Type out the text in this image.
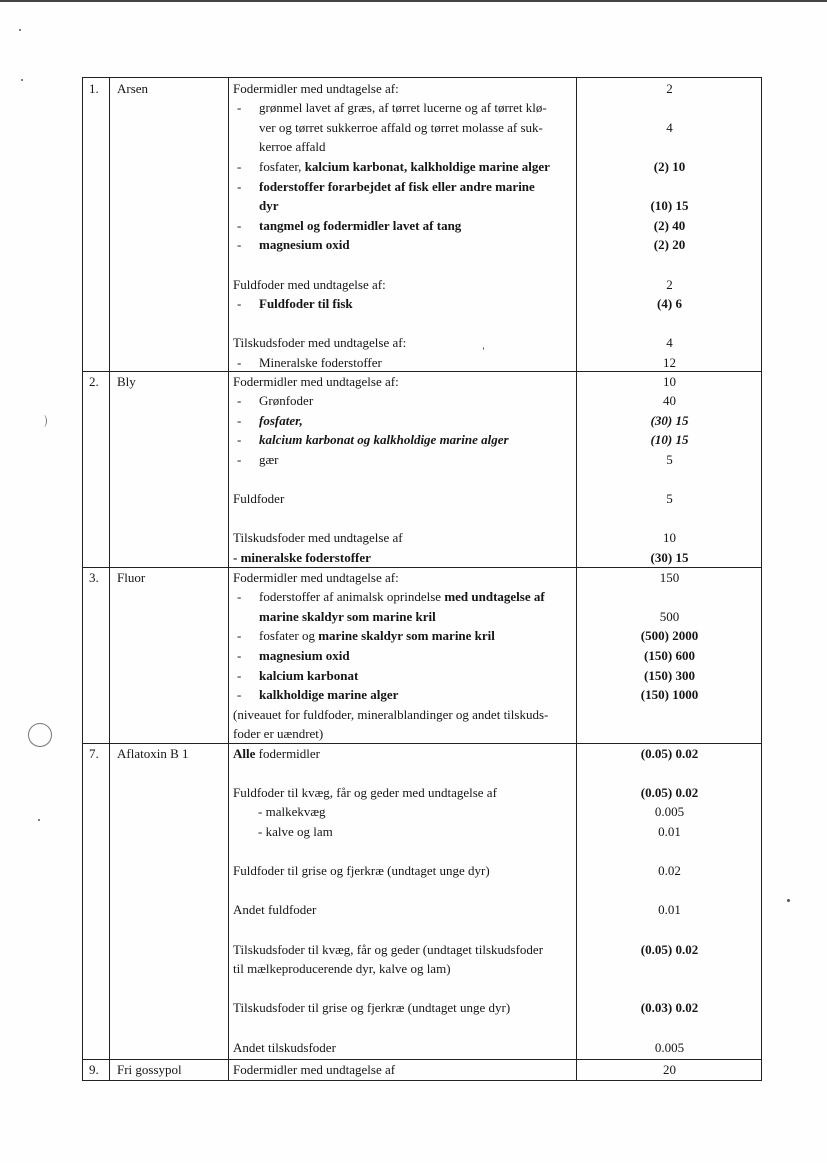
1. Arsen	Fodermidler med undtagelse af:	2
- grønmel lavet af græs, af tørret lucerne og af tørret klø-
ver og tørret sukkerroe affald og tørret molasse af suk-	4
kerroe affald
- fosfater, kalcium karbonat, kalkholdige marine alger	(2) 10
- foderstoffer forarbejdet af fisk eller andre marine
dyr	(10) 15
- tangmel og fodermidler lavet af tang	(2) 40
- magnesium oxid	(2) 20
Fuldfoder med undtagelse af:	2
- Fuldfoder til fisk	(4) 6
Tilskudsfoder med undtagelse af:	4
- Mineralske foderstoffer	12
2. Bly	Fodermidler med undtagelse af:	10
- Grønfoder	40
- fosfater,	(30) 15
- kalcium karbonat og kalkholdige marine alger	(10) 15
- gær	5
Fuldfoder	5
Tilskudsfoder med undtagelse af	10
- mineralske foderstoffer	(30) 15
3. Fluor	Fodermidler med undtagelse af:	150
- foderstoffer af animalsk oprindelse med undtagelse af
marine skaldyr som marine kril	500
- fosfater og marine skaldyr som marine kril	(500) 2000
- magnesium oxid	(150) 600
- kalcium karbonat	(150) 300
- kalkholdige marine alger	(150) 1000
(niveauet for fuldfoder, mineralblandinger og andet tilskuds-
foder er uændret)
7. Aflatoxin B 1	Alle fodermidler	(0.05) 0.02
Fuldfoder til kvæg, får og geder med undtagelse af	(0.05) 0.02
- malkekvæg	0.005
- kalve og lam	0.01
Fuldfoder til grise og fjerkræ (undtaget unge dyr)	0.02
Andet fuldfoder	0.01
Tilskudsfoder til kvæg, får og geder (undtaget tilskudsfoder	(0.05) 0.02
til mælkeproducerende dyr, kalve og lam)
Tilskudsfoder til grise og fjerkræ (undtaget unge dyr)	(0.03) 0.02
Andet tilskudsfoder	0.005
9. Fri gossypol	Fodermidler med undtagelse af	20
